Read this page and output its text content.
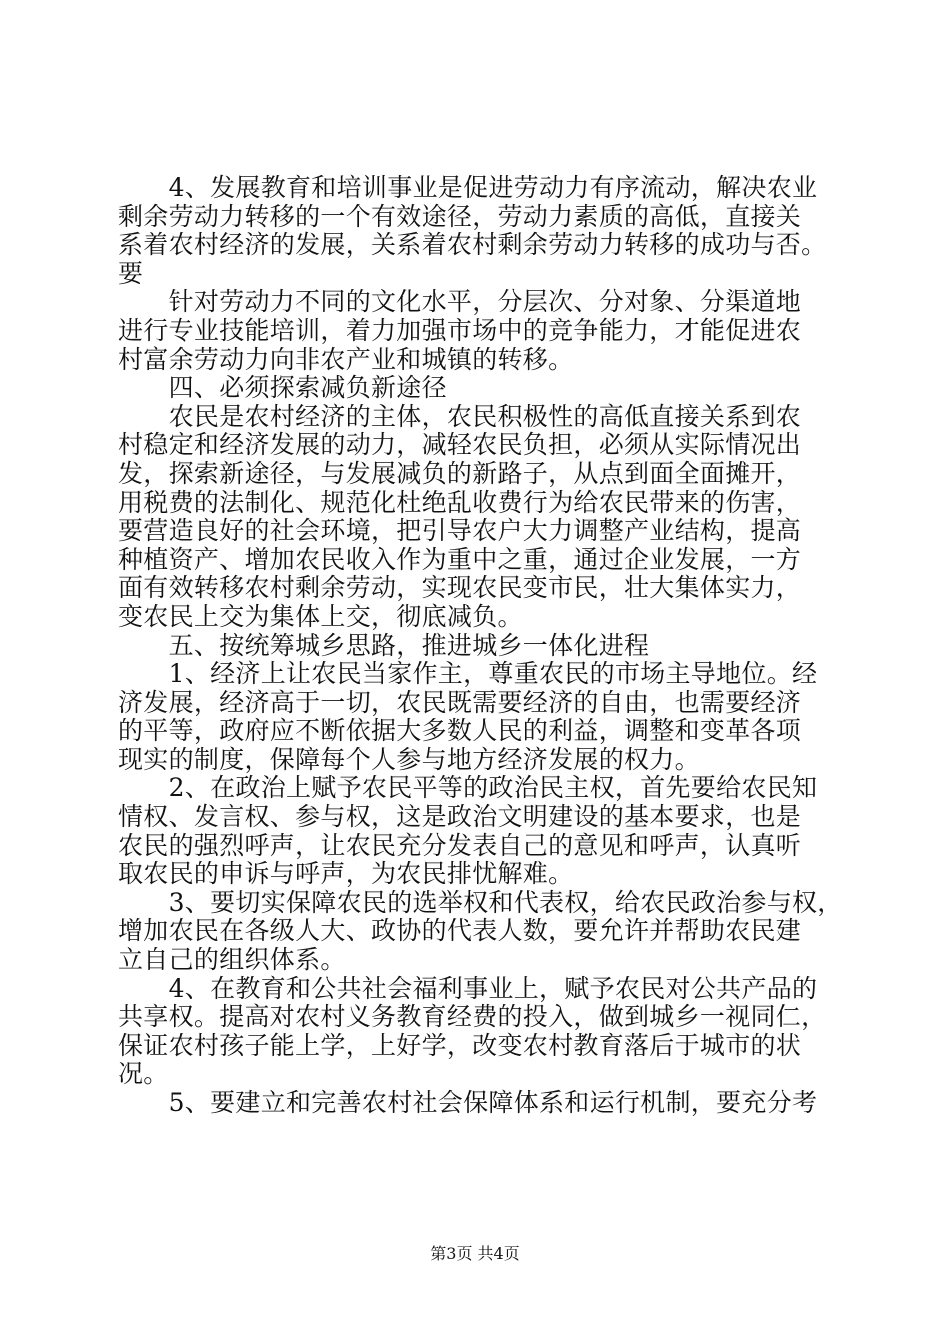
　　4、发展教育和培训事业是促进劳动力有序流动，解决农业
剩余劳动力转移的一个有效途径，劳动力素质的高低，直接关
系着农村经济的发展，关系着农村剩余劳动力转移的成功与否。
要
　　针对劳动力不同的文化水平，分层次、分对象、分渠道地
进行专业技能培训，着力加强市场中的竞争能力，才能促进农
村富余劳动力向非农产业和城镇的转移。
　　四、必须探索减负新途径
　　农民是农村经济的主体，农民积极性的高低直接关系到农
村稳定和经济发展的动力，减轻农民负担，必须从实际情况出
发，探索新途径，与发展减负的新路子，从点到面全面摊开，
用税费的法制化、规范化杜绝乱收费行为给农民带来的伤害，
要营造良好的社会环境，把引导农户大力调整产业结构，提高
种植资产、增加农民收入作为重中之重，通过企业发展，一方
面有效转移农村剩余劳动，实现农民变市民，壮大集体实力，
变农民上交为集体上交，彻底减负。
　　五、按统筹城乡思路，推进城乡一体化进程
　　1、经济上让农民当家作主，尊重农民的市场主导地位。经
济发展，经济高于一切，农民既需要经济的自由，也需要经济
的平等，政府应不断依据大多数人民的利益，调整和变革各项
现实的制度，保障每个人参与地方经济发展的权力。
　　2、在政治上赋予农民平等的政治民主权，首先要给农民知
情权、发言权、参与权，这是政治文明建设的基本要求，也是
农民的强烈呼声，让农民充分发表自己的意见和呼声，认真听
取农民的申诉与呼声，为农民排忧解难。
　　3、要切实保障农民的选举权和代表权，给农民政治参与权，
增加农民在各级人大、政协的代表人数，要允许并帮助农民建
立自己的组织体系。
　　4、在教育和公共社会福利事业上，赋予农民对公共产品的
共享权。提高对农村义务教育经费的投入，做到城乡一视同仁，
保证农村孩子能上学，上好学，改变农村教育落后于城市的状
况。
　　5、要建立和完善农村社会保障体系和运行机制，要充分考
第3页 共4页
